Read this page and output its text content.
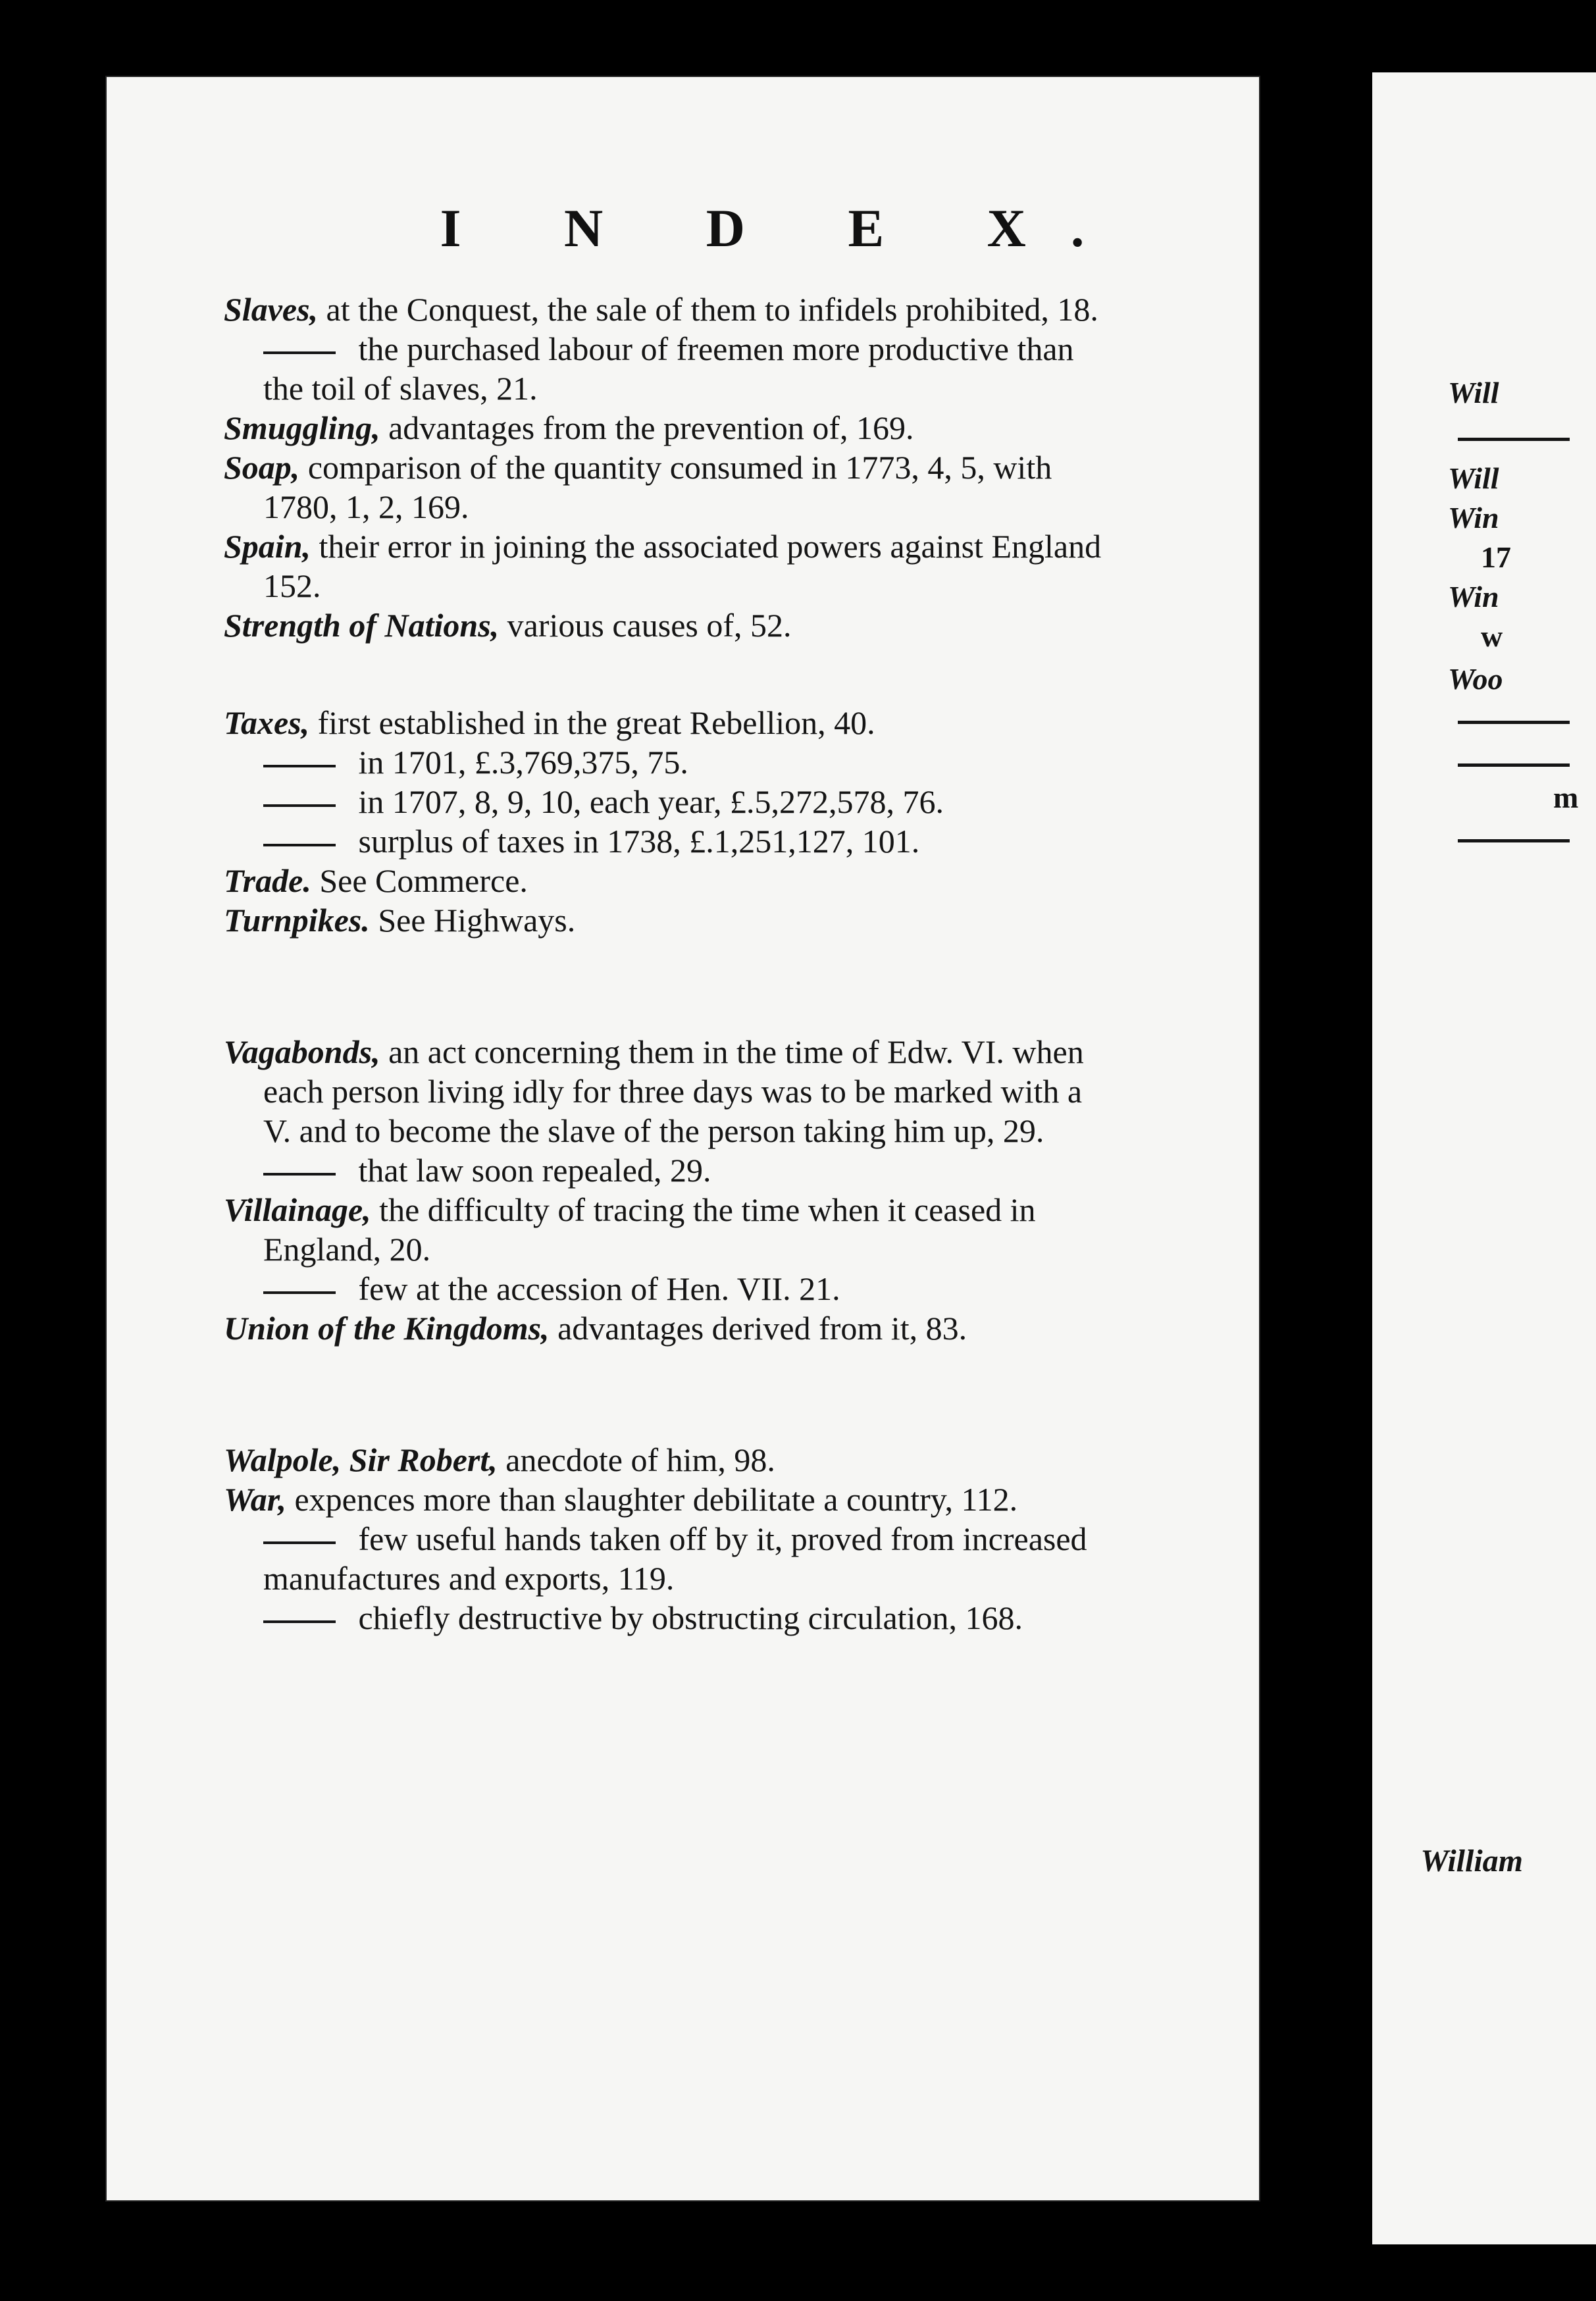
I N D E X.

Slaves, at the Conquest, the sale of them to infidels prohibited, 18.

the purchased labour of freemen more productive than the toil of slaves, 21.

Smuggling, advantages from the prevention of, 169.

Soap, comparison of the quantity consumed in 1773, 4, 5, with 1780, 1, 2, 169.

Spain, their error in joining the associated powers against England 152.

Strength of Nations, various causes of, 52.

Taxes, first established in the great Rebellion, 40.

in 1701, £.3,769,375, 75.

in 1707, 8, 9, 10, each year, £.5,272,578, 76.

surplus of taxes in 1738, £.1,251,127, 101.

Trade. See Commerce.

Turnpikes. See Highways.

Vagabonds, an act concerning them in the time of Edw. VI. when each person living idly for three days was to be marked with a V. and to become the slave of the person taking him up, 29.

that law soon repealed, 29.

Villainage, the difficulty of tracing the time when it ceased in England, 20.

few at the accession of Hen. VII. 21.

Union of the Kingdoms, advantages derived from it, 83.

Walpole, Sir Robert, anecdote of him, 98.

War, expences more than slaughter debilitate a country, 112.

few useful hands taken off by it, proved from increased manufactures and exports, 119.

chiefly destructive by obstructing circulation, 168.

William
Will
Will
Win
17
Win
w
Woo
m
